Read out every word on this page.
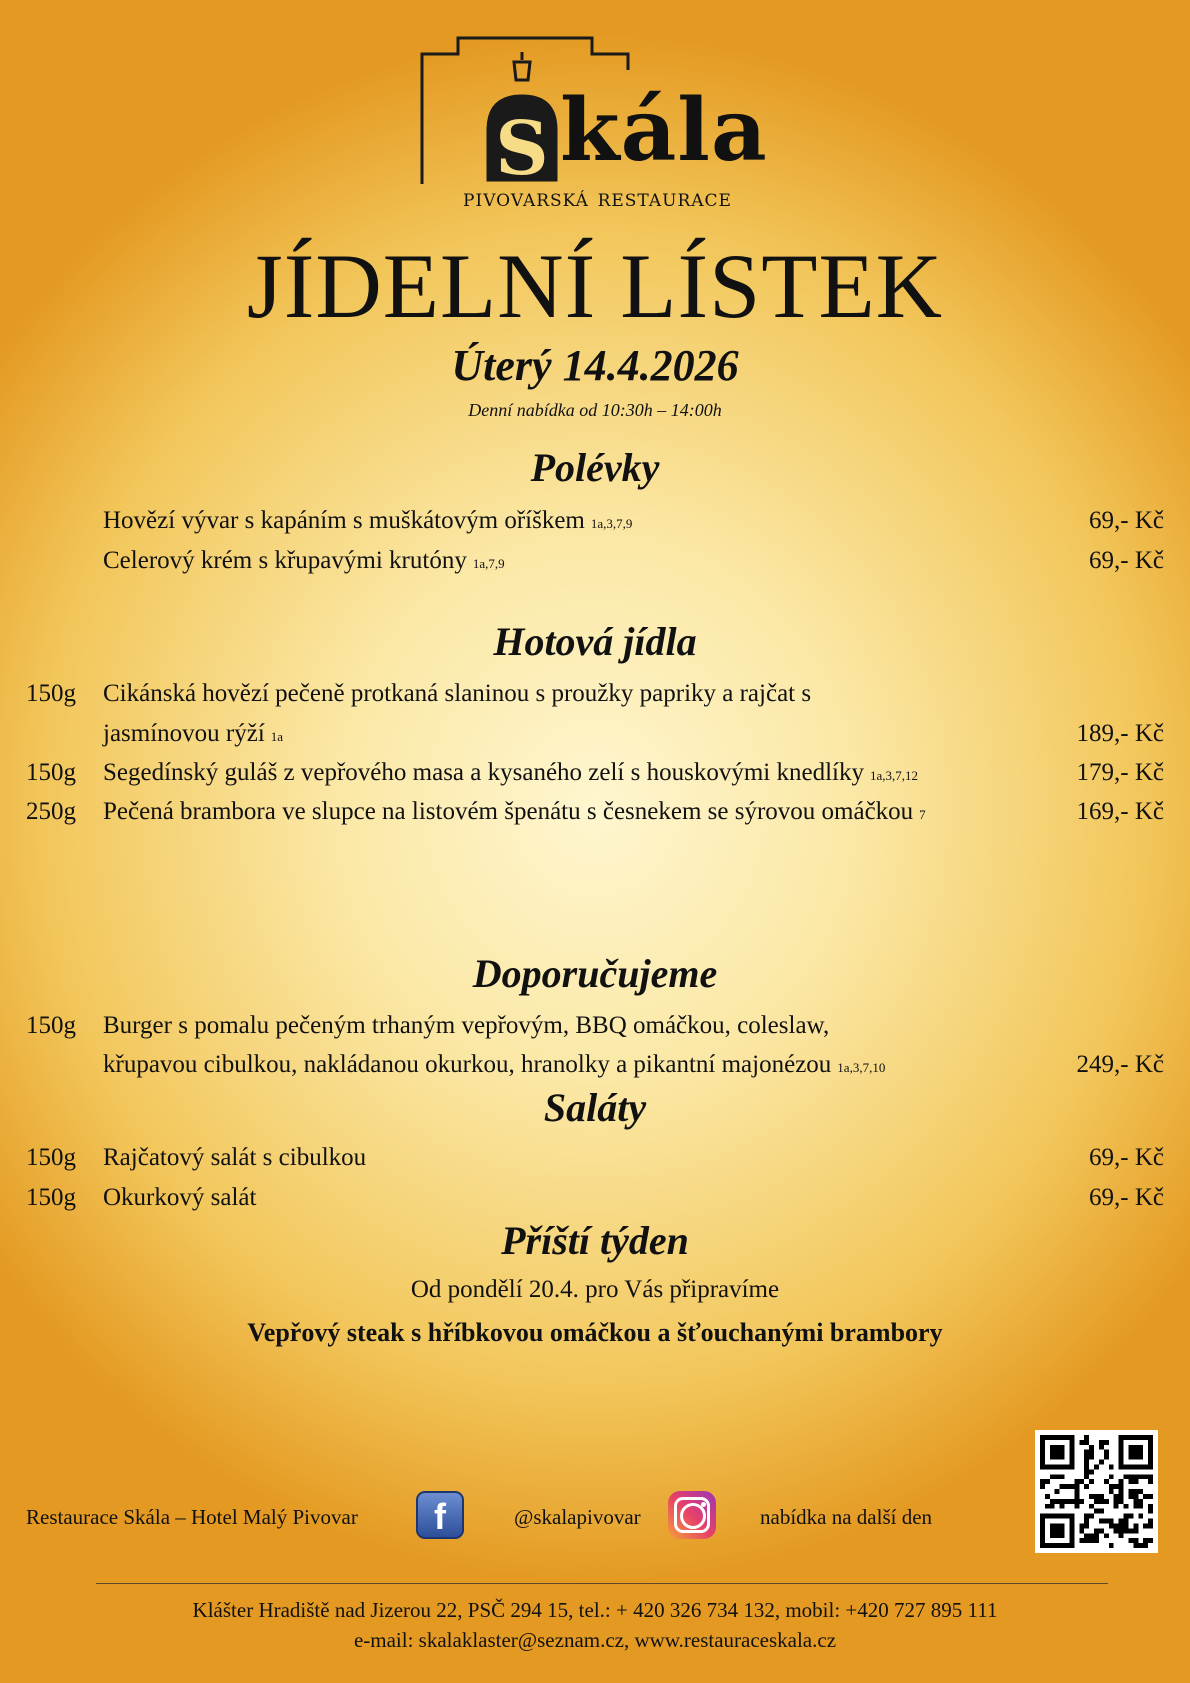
S kála
pivovarská restaurace
JÍDELNÍ LÍSTEK
Úterý 14.4.2026
Denní nabídka od 10:30h – 14:00h
Polévky
Hovězí vývar s kapáním s muškátovým oříškem 1a,3,7,9	69,- Kč
Celerový krém s křupavými krutóny 1a,7,9	69,- Kč
Hotová jídla
150g Cikánská hovězí pečeně protkaná slaninou s proužky papriky a rajčat s
jasmínovou rýží 1a	189,- Kč
150g Segedínský guláš z vepřového masa a kysaného zelí s houskovými knedlíky 1a,3,7,12	179,- Kč
250g Pečená brambora ve slupce na listovém špenátu s česnekem se sýrovou omáčkou 7	169,- Kč
Doporučujeme
150g Burger s pomalu pečeným trhaným vepřovým, BBQ omáčkou, coleslaw,
křupavou cibulkou, nakládanou okurkou, hranolky a pikantní majonézou 1a,3,7,10	249,- Kč
Saláty
150g Rajčatový salát s cibulkou	69,- Kč
150g Okurkový salát	69,- Kč
Příští týden
Od pondělí 20.4. pro Vás připravíme
Vepřový steak s hříbkovou omáčkou a šťouchanými brambory
Restaurace Skála – Hotel Malý Pivovar	f	@skalapivovar	nabídka na další den
Klášter Hradiště nad Jizerou 22, PSČ 294 15, tel.: + 420 326 734 132, mobil: +420 727 895 111
e-mail: skalaklaster@seznam.cz, www.restauraceskala.cz
